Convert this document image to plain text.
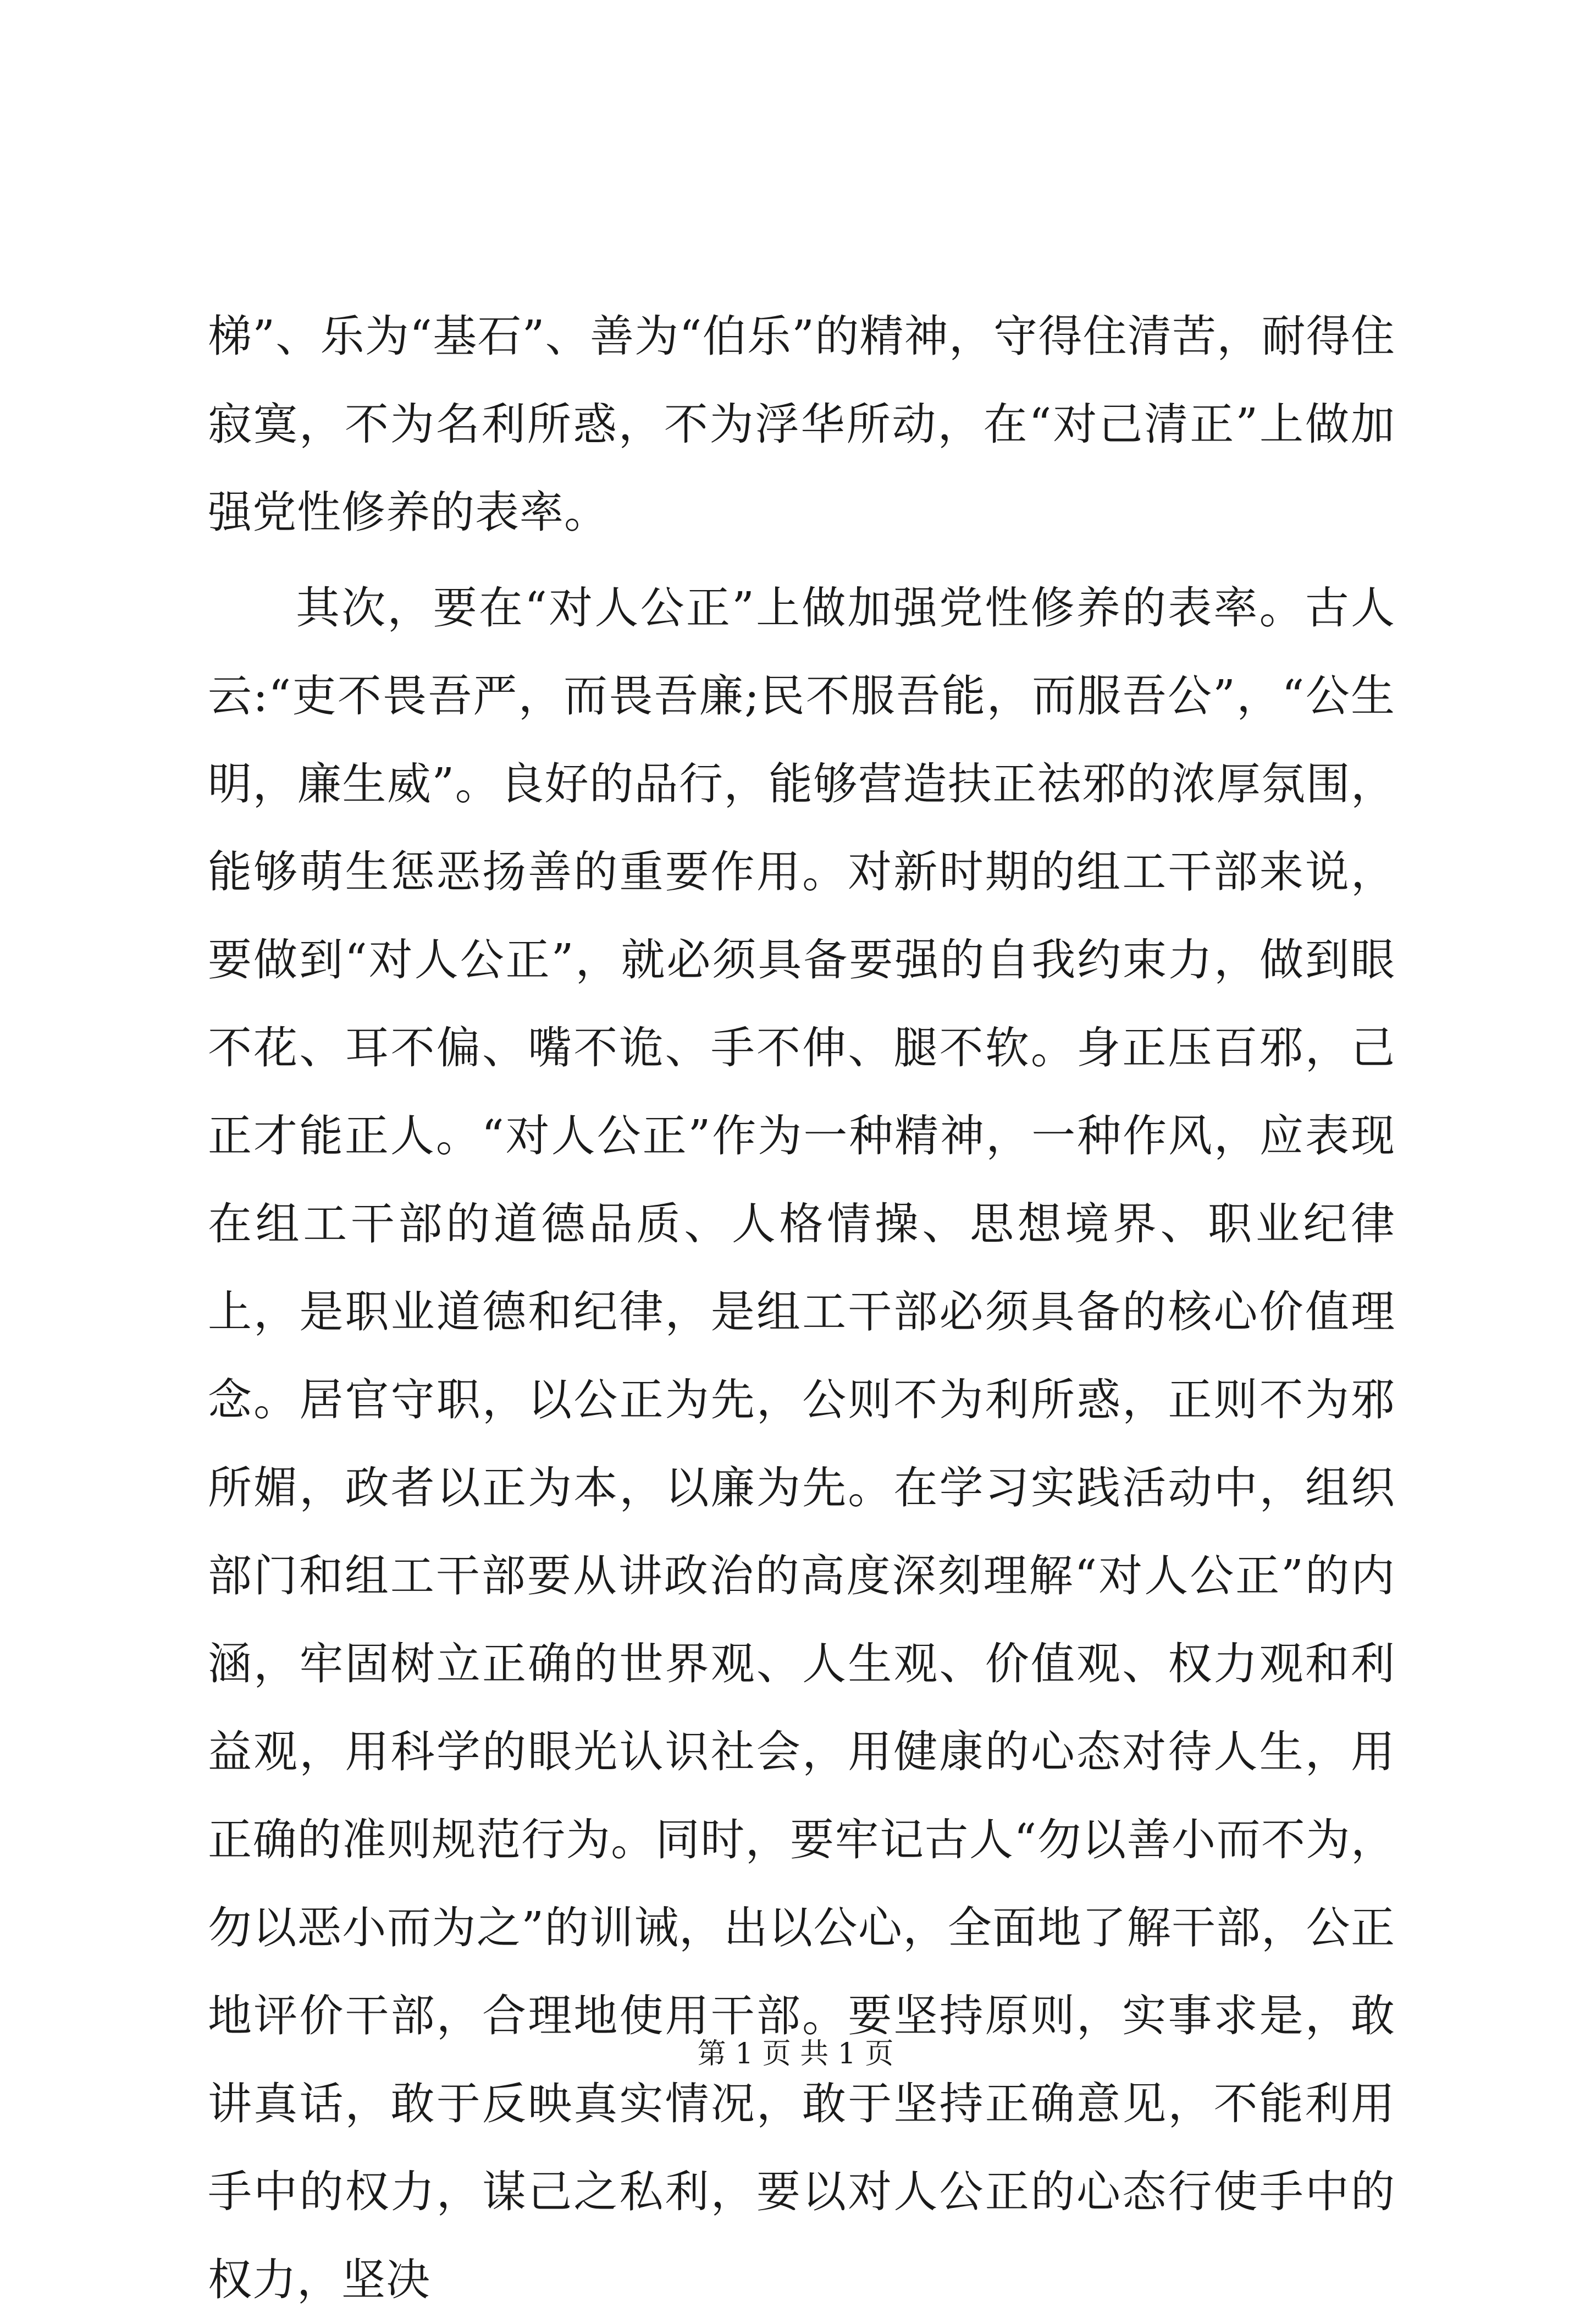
梯”、乐为“基石”、善为“伯乐”的精神，守得住清苦，耐得住寂寞，不为名利所惑，不为浮华所动，在“对己清正”上做加强党性修养的表率。

其次，要在“对人公正”上做加强党性修养的表率。古人云:“吏不畏吾严，而畏吾廉;民不服吾能，而服吾公”，“公生明，廉生威”。良好的品行，能够营造扶正祛邪的浓厚氛围，能够萌生惩恶扬善的重要作用。对新时期的组工干部来说，要做到“对人公正”，就必须具备要强的自我约束力，做到眼不花、耳不偏、嘴不诡、手不伸、腿不软。身正压百邪，己正才能正人。“对人公正”作为一种精神，一种作风，应表现在组工干部的道德品质、人格情操、思想境界、职业纪律上，是职业道德和纪律，是组工干部必须具备的核心价值理念。居官守职，以公正为先，公则不为利所惑，正则不为邪所媚，政者以正为本，以廉为先。在学习实践活动中，组织部门和组工干部要从讲政治的高度深刻理解“对人公正”的内涵，牢固树立正确的世界观、人生观、价值观、权力观和利益观，用科学的眼光认识社会，用健康的心态对待人生，用正确的准则规范行为。同时，要牢记古人“勿以善小而不为，勿以恶小而为之”的训诫，出以公心，全面地了解干部，公正地评价干部，合理地使用干部。要坚持原则，实事求是，敢讲真话，敢于反映真实情况，敢于坚持正确意见，不能利用手中的权力，谋己之私利，要以对人公正的心态行使手中的权力，坚决

第 1 页 共 1 页
